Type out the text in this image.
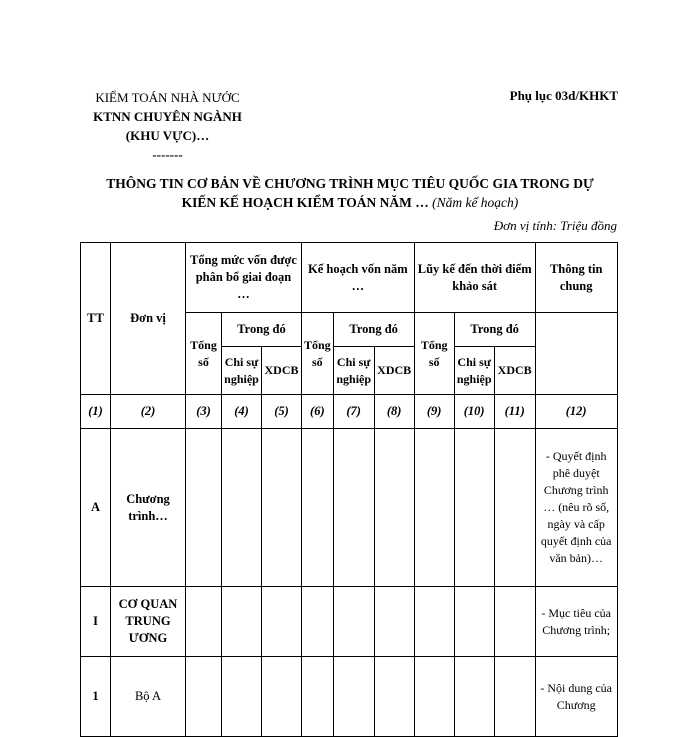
KIỂM TOÁN NHÀ NƯỚC
KTNN CHUYÊN NGÀNH
(KHU VỰC)…
-------
Phụ lục 03d/KHKT
THÔNG TIN CƠ BẢN VỀ CHƯƠNG TRÌNH MỤC TIÊU QUỐC GIA TRONG DỰ
KIẾN KẾ HOẠCH KIỂM TOÁN NĂM … (Năm kế hoạch)
Đơn vị tính: Triệu đồng
TT	Đơn vị	Tổng mức vốn được phân bổ giai đoạn …			Kế hoạch vốn năm …			Lũy kế đến thời điểm khảo sát			Thông tin chung
		Tổng số	Trong đó		Tổng số	Trong đó		Tổng số	Trong đó		
			Chi sự nghiệp	XDCB		Chi sự nghiệp	XDCB		Chi sự nghiệp	XDCB	
(1)	(2)	(3)	(4)	(5)	(6)	(7)	(8)	(9)	(10)	(11)	(12)
A	Chương trình…										- Quyết định phê duyệt Chương trình … (nêu rõ số, ngày và cấp quyết định của văn bản)…
I	CƠ QUAN TRUNG ƯƠNG										- Mục tiêu của Chương trình;
1	Bộ A										- Nội dung của Chương
